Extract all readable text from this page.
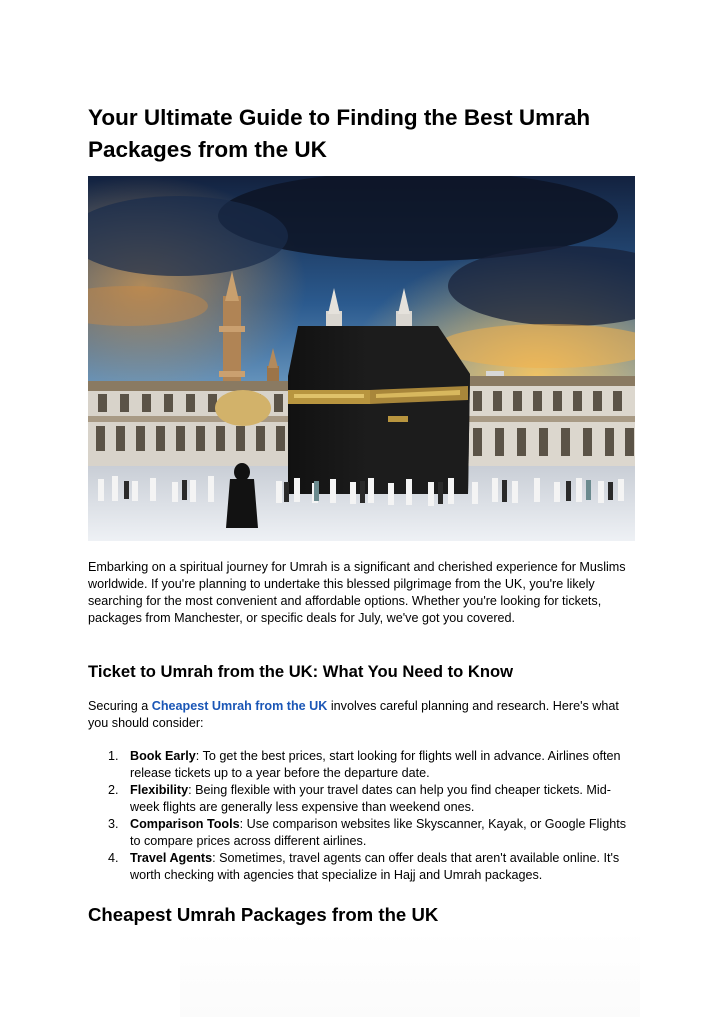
Your Ultimate Guide to Finding the Best Umrah Packages from the UK

Embarking on a spiritual journey for Umrah is a significant and cherished experience for Muslims worldwide. If you're planning to undertake this blessed pilgrimage from the UK, you're likely searching for the most convenient and affordable options. Whether you're looking for tickets, packages from Manchester, or specific deals for July, we've got you covered.

Ticket to Umrah from the UK: What You Need to Know

Securing a Cheapest Umrah from the UK involves careful planning and research. Here's what you should consider:

1. Book Early: To get the best prices, start looking for flights well in advance. Airlines often release tickets up to a year before the departure date.
2. Flexibility: Being flexible with your travel dates can help you find cheaper tickets. Mid-week flights are generally less expensive than weekend ones.
3. Comparison Tools: Use comparison websites like Skyscanner, Kayak, or Google Flights to compare prices across different airlines.
4. Travel Agents: Sometimes, travel agents can offer deals that aren't available online. It's worth checking with agencies that specialize in Hajj and Umrah packages.
Cheapest Umrah Packages from the UK
